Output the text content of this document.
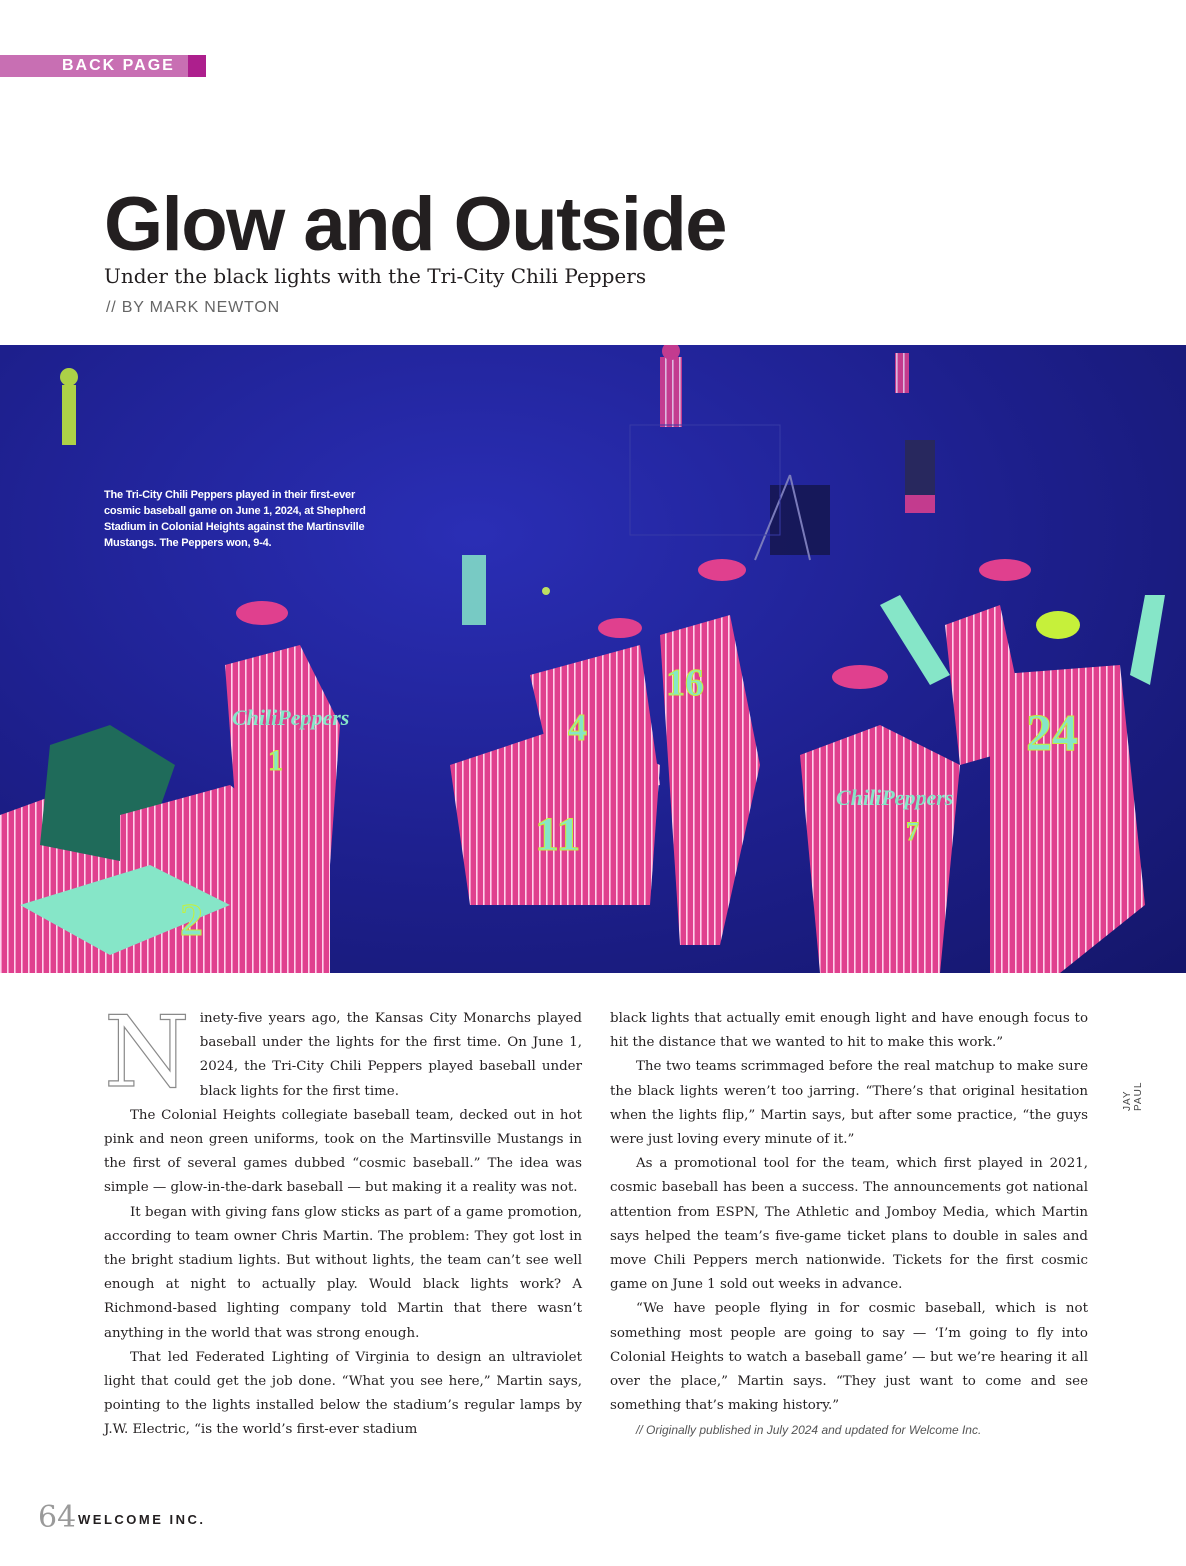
BACK PAGE
Glow and Outside
Under the black lights with the Tri-City Chili Peppers
// BY MARK NEWTON
2
1
11
4
16
7
24
ChiliPeppers
ChiliPeppers
The Tri-City Chili Peppers played in their first-ever cosmic baseball game on June 1, 2024, at Shepherd Stadium in Colonial Heights against the Martinsville Mustangs. The Peppers won, 9-4.
N inety-five years ago, the Kansas City Monarchs played baseball under the lights for the first time. On June 1, 2024, the Tri-City Chili Peppers played baseball under black lights for the first time.

The Colonial Heights collegiate baseball team, decked out in hot pink and neon green uniforms, took on the Martinsville Mustangs in the first of several games dubbed “cosmic baseball.” The idea was simple — glow-in-the-dark baseball — but making it a reality was not.

It began with giving fans glow sticks as part of a game promotion, according to team owner Chris Martin. The problem: They got lost in the bright stadium lights. But without lights, the team can’t see well enough at night to actually play. Would black lights work? A Richmond-based lighting company told Martin that there wasn’t anything in the world that was strong enough.

That led Federated Lighting of Virginia to design an ultraviolet light that could get the job done. “What you see here,” Martin says, pointing to the lights installed below the stadium’s regular lamps by J.W. Electric, “is the world’s first-ever stadium

black lights that actually emit enough light and have enough focus to hit the distance that we wanted to hit to make this work.”

The two teams scrimmaged before the real matchup to make sure the black lights weren’t too jarring. “There’s that original hesitation when the lights flip,” Martin says, but after some practice, “the guys were just loving every minute of it.”

As a promotional tool for the team, which first played in 2021, cosmic baseball has been a success. The announcements got national attention from ESPN, The Athletic and Jomboy Media, which Martin says helped the team’s five-game ticket plans to double in sales and move Chili Peppers merch nationwide. Tickets for the first cosmic game on June 1 sold out weeks in advance.

“We have people flying in for cosmic baseball, which is not something most people are going to say — ‘I’m going to fly into Colonial Heights to watch a baseball game’ — but we’re hearing it all over the place,” Martin says. “They just want to come and see something that’s making history.”

// Originally published in July 2024 and updated for Welcome Inc.

JAY PAUL
64 WELCOME INC.
